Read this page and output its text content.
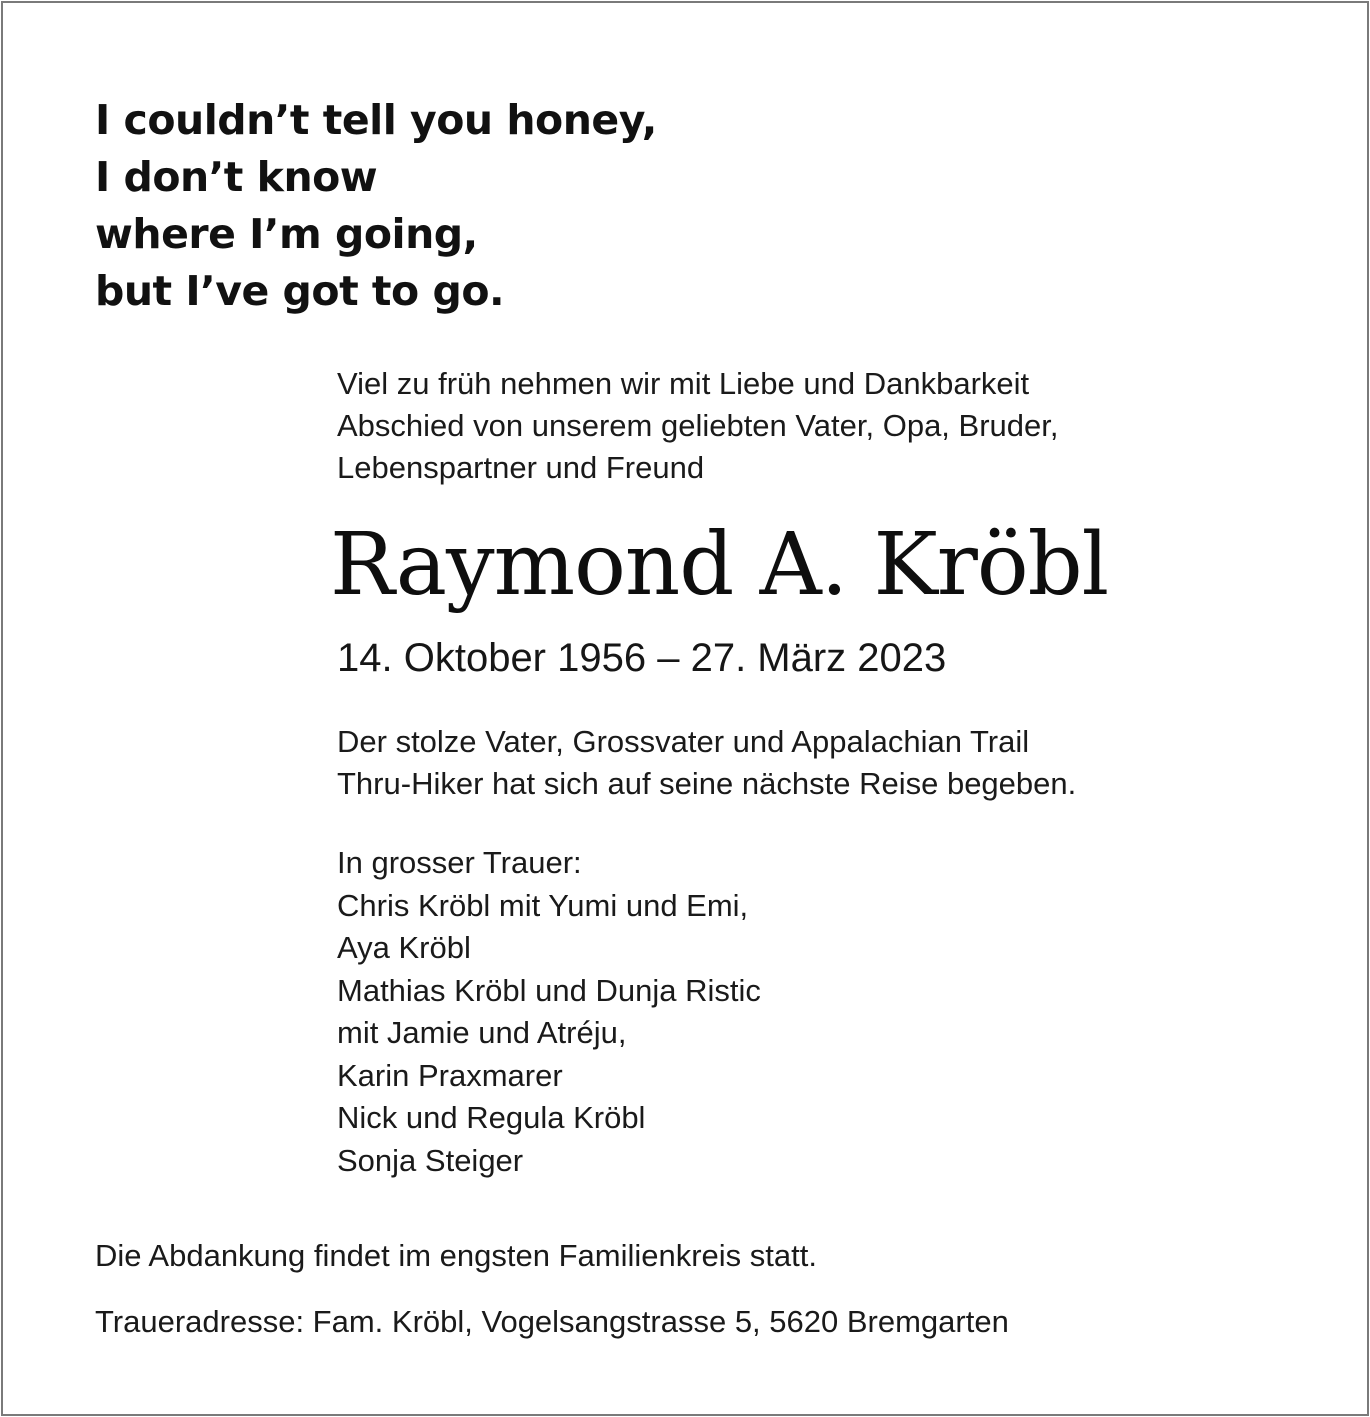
I couldn’t tell you honey,
I don’t know
where I’m going,
but I’ve got to go.
Viel zu früh nehmen wir mit Liebe und Dankbarkeit
Abschied von unserem geliebten Vater, Opa, Bruder,
Lebenspartner und Freund
Raymond A. Kröbl
14. Oktober 1956 – 27. März 2023
Der stolze Vater, Grossvater und Appalachian Trail
Thru-Hiker hat sich auf seine nächste Reise begeben.
In grosser Trauer:
Chris Kröbl mit Yumi und Emi,
Aya Kröbl
Mathias Kröbl und Dunja Ristic
mit Jamie und Atréju,
Karin Praxmarer
Nick und Regula Kröbl
Sonja Steiger
Die Abdankung findet im engsten Familienkreis statt.
Traueradresse: Fam. Kröbl, Vogelsangstrasse 5, 5620 Bremgarten
